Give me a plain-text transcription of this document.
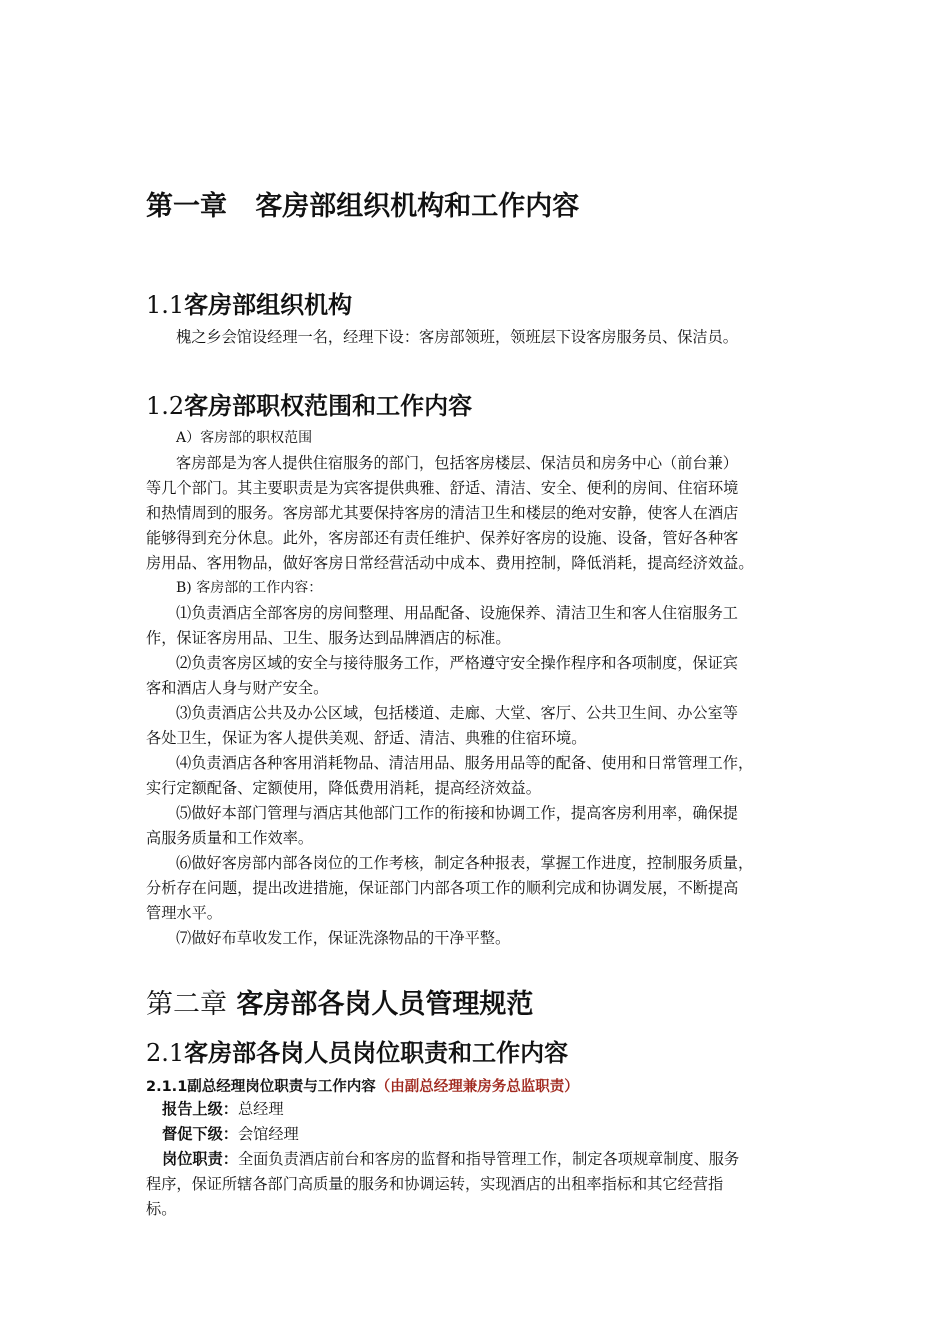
第一章 客房部组织机构和工作内容
1.1客房部组织机构
槐之乡会馆设经理一名，经理下设：客房部领班，领班层下设客房服务员、保洁员。
1.2客房部职权范围和工作内容
A）客房部的职权范围
客房部是为客人提供住宿服务的部门，包括客房楼层、保洁员和房务中心（前台兼）
等几个部门。其主要职责是为宾客提供典雅、舒适、清洁、安全、便利的房间、住宿环境
和热情周到的服务。客房部尤其要保持客房的清洁卫生和楼层的绝对安静，使客人在酒店
能够得到充分休息。此外，客房部还有责任维护、保养好客房的设施、设备，管好各种客
房用品、客用物品，做好客房日常经营活动中成本、费用控制，降低消耗，提高经济效益。
B) 客房部的工作内容：
⑴负责酒店全部客房的房间整理、用品配备、设施保养、清洁卫生和客人住宿服务工
作，保证客房用品、卫生、服务达到品牌酒店的标准。
⑵负责客房区域的安全与接待服务工作，严格遵守安全操作程序和各项制度，保证宾
客和酒店人身与财产安全。
⑶负责酒店公共及办公区域，包括楼道、走廊、大堂、客厅、公共卫生间、办公室等
各处卫生，保证为客人提供美观、舒适、清洁、典雅的住宿环境。
⑷负责酒店各种客用消耗物品、清洁用品、服务用品等的配备、使用和日常管理工作，
实行定额配备、定额使用，降低费用消耗，提高经济效益。
⑸做好本部门管理与酒店其他部门工作的衔接和协调工作，提高客房利用率，确保提
高服务质量和工作效率。
⑹做好客房部内部各岗位的工作考核，制定各种报表，掌握工作进度，控制服务质量，
分析存在问题，提出改进措施，保证部门内部各项工作的顺利完成和协调发展，不断提高
管理水平。
⑺做好布草收发工作，保证洗涤物品的干净平整。
第二章 客房部各岗人员管理规范
2.1客房部各岗人员岗位职责和工作内容
2.1.1副总经理岗位职责与工作内容（由副总经理兼房务总监职责）
报告上级：总经理
督促下级：会馆经理
岗位职责：全面负责酒店前台和客房的监督和指导管理工作，制定各项规章制度、服务
程序，保证所辖各部门高质量的服务和协调运转，实现酒店的出租率指标和其它经营指
标。
